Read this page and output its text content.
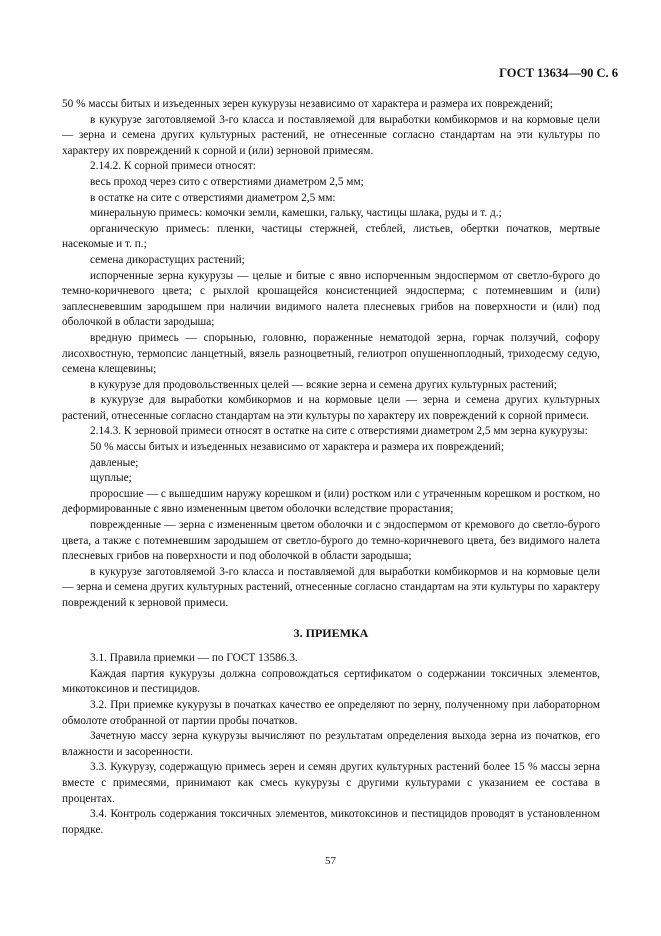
ГОСТ 13634—90 С. 6

50 % массы битых и изъеденных зерен кукурузы независимо от характера и размера их повреждений;

в кукурузе заготовляемой 3-го класса и поставляемой для выработки комбикормов и на кормовые цели — зерна и семена других культурных растений, не отнесенные согласно стандартам на эти культуры по характеру их повреждений к сорной и (или) зерновой примесям.

2.14.2. К сорной примеси относят:

весь проход через сито с отверстиями диаметром 2,5 мм;

в остатке на сите с отверстиями диаметром 2,5 мм:

минеральную примесь: комочки земли, камешки, гальку, частицы шлака, руды и т. д.;

органическую примесь: пленки, частицы стержней, стеблей, листьев, обертки початков, мертвые насекомые и т. п.;

семена дикорастущих растений;

испорченные зерна кукурузы — целые и битые с явно испорченным эндоспермом от светло-бурого до темно-коричневого цвета; с рыхлой крошащейся консистенцией эндосперма; с потемневшим и (или) заплесневевшим зародышем при наличии видимого налета плесневых грибов на поверхности и (или) под оболочкой в области зародыша;

вредную примесь — спорынью, головню, пораженные нематодой зерна, горчак ползучий, софору лисохвостную, термопсис ланцетный, вязель разноцветный, гелиотроп опушенноплодный, триходесму седую, семена клещевины;

в кукурузе для продовольственных целей — всякие зерна и семена других культурных растений;

в кукурузе для выработки комбикормов и на кормовые цели — зерна и семена других культурных растений, отнесенные согласно стандартам на эти культуры по характеру их повреждений к сорной примеси.

2.14.3. К зерновой примеси относят в остатке на сите с отверстиями диаметром 2,5 мм зерна кукурузы:

50 % массы битых и изъеденных независимо от характера и размера их повреждений;

давленые;

щуплые;

проросшие — с вышедшим наружу корешком и (или) ростком или с утраченным корешком и ростком, но деформированные с явно измененным цветом оболочки вследствие прорастания;

поврежденные — зерна с измененным цветом оболочки и с эндоспермом от кремового до светло-бурого цвета, а также с потемневшим зародышем от светло-бурого до темно-коричневого цвета, без видимого налета плесневых грибов на поверхности и под оболочкой в области зародыша;

в кукурузе заготовляемой 3-го класса и поставляемой для выработки комбикормов и на кормовые цели — зерна и семена других культурных растений, отнесенные согласно стандартам на эти культуры по характеру повреждений к зерновой примеси.

3. ПРИЕМКА

3.1. Правила приемки — по ГОСТ 13586.3.

Каждая партия кукурузы должна сопровождаться сертификатом о содержании токсичных элементов, микотоксинов и пестицидов.

3.2. При приемке кукурузы в початках качество ее определяют по зерну, полученному при лабораторном обмолоте отобранной от партии пробы початков.

Зачетную массу зерна кукурузы вычисляют по результатам определения выхода зерна из початков, его влажности и засоренности.

3.3. Кукурузу, содержащую примесь зерен и семян других культурных растений более 15 % массы зерна вместе с примесями, принимают как смесь кукурузы с другими культурами с указанием ее состава в процентах.

3.4. Контроль содержания токсичных элементов, микотоксинов и пестицидов проводят в установленном порядке.

57
